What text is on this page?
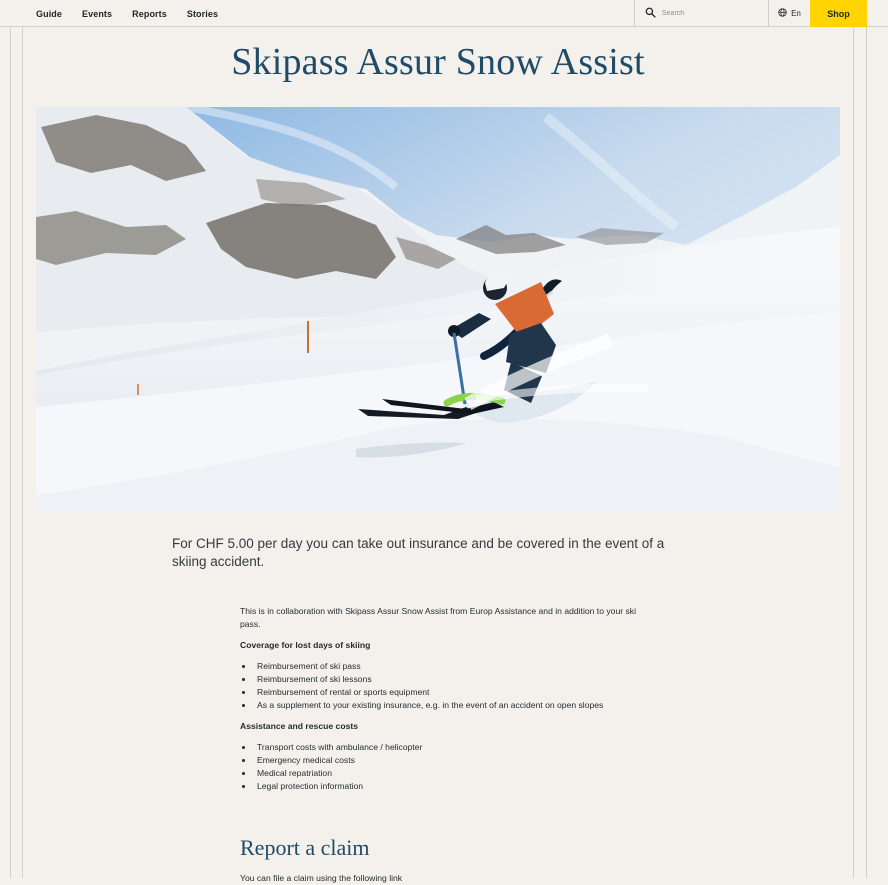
Guide Events Reports Stories
Search	En	Shop
Skipass Assur Snow Assist

For CHF 5.00 per day you can take out insurance and be covered in the event of a skiing accident.

This is in collaboration with Skipass Assur Snow Assist from Europ Assistance and in addition to your ski pass.

Coverage for lost days of skiing
Reimbursement of ski pass
Reimbursement of ski lessons
Reimbursement of rental or sports equipment
As a supplement to your existing insurance, e.g. in the event of an accident on open slopes
Assistance and rescue costs
Transport costs with ambulance / helicopter
Emergency medical costs
Medical repatriation
Legal protection information
Report a claim

You can file a claim using the following link
